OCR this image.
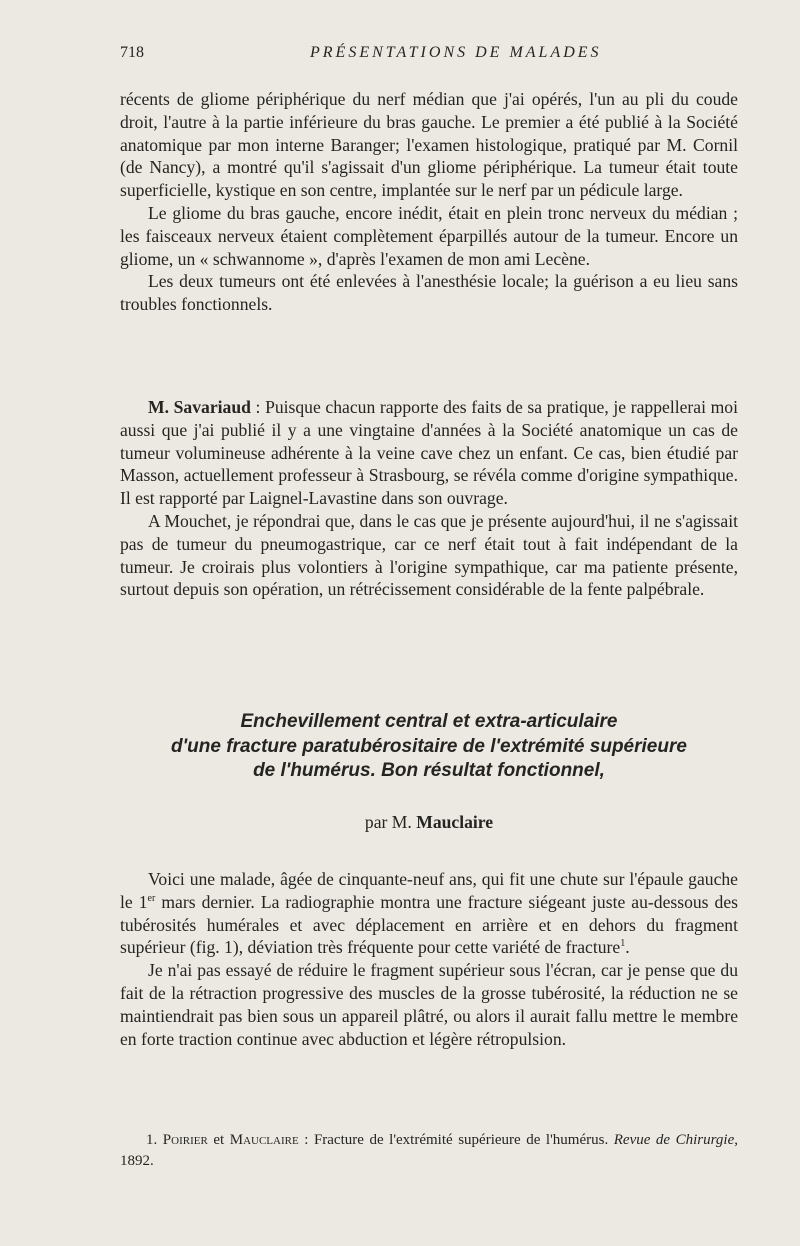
718	PRÉSENTATIONS DE MALADES

récents de gliome périphérique du nerf médian que j'ai opérés, l'un au pli du coude droit, l'autre à la partie inférieure du bras gauche. Le premier a été publié à la Société anatomique par mon interne Baranger; l'examen histologique, pratiqué par M. Cornil (de Nancy), a montré qu'il s'agissait d'un gliome périphérique. La tumeur était toute superficielle, kystique en son centre, implantée sur le nerf par un pédicule large.

Le gliome du bras gauche, encore inédit, était en plein tronc nerveux du médian ; les faisceaux nerveux étaient complètement éparpillés autour de la tumeur. Encore un gliome, un « schwannome », d'après l'examen de mon ami Lecène.

Les deux tumeurs ont été enlevées à l'anesthésie locale; la guérison a eu lieu sans troubles fonctionnels.

M. Savariaud : Puisque chacun rapporte des faits de sa pratique, je rappellerai moi aussi que j'ai publié il y a une vingtaine d'années à la Société anatomique un cas de tumeur volumineuse adhérente à la veine cave chez un enfant. Ce cas, bien étudié par Masson, actuellement professeur à Strasbourg, se révéla comme d'origine sympathique. Il est rapporté par Laignel-Lavastine dans son ouvrage.

A Mouchet, je répondrai que, dans le cas que je présente aujourd'hui, il ne s'agissait pas de tumeur du pneumogastrique, car ce nerf était tout à fait indépendant de la tumeur. Je croirais plus volontiers à l'origine sympathique, car ma patiente présente, surtout depuis son opération, un rétrécissement considérable de la fente palpébrale.

Enchevillement central et extra-articulaire
d'une fracture paratubérositaire de l'extrémité supérieure
de l'humérus. Bon résultat fonctionnel,
par M. Mauclaire

Voici une malade, âgée de cinquante-neuf ans, qui fit une chute sur l'épaule gauche le 1er mars dernier. La radiographie montra une fracture siégeant juste au-dessous des tubérosités humérales et avec déplacement en arrière et en dehors du fragment supérieur (fig. 1), déviation très fréquente pour cette variété de fracture$^1$.

Je n'ai pas essayé de réduire le fragment supérieur sous l'écran, car je pense que du fait de la rétraction progressive des muscles de la grosse tubérosité, la réduction ne se maintiendrait pas bien sous un appareil plâtré, ou alors il aurait fallu mettre le membre en forte traction continue avec abduction et légère rétropulsion.

1. Poirier et Mauclaire : Fracture de l'extrémité supérieure de l'humérus. Revue de Chirurgie, 1892.
